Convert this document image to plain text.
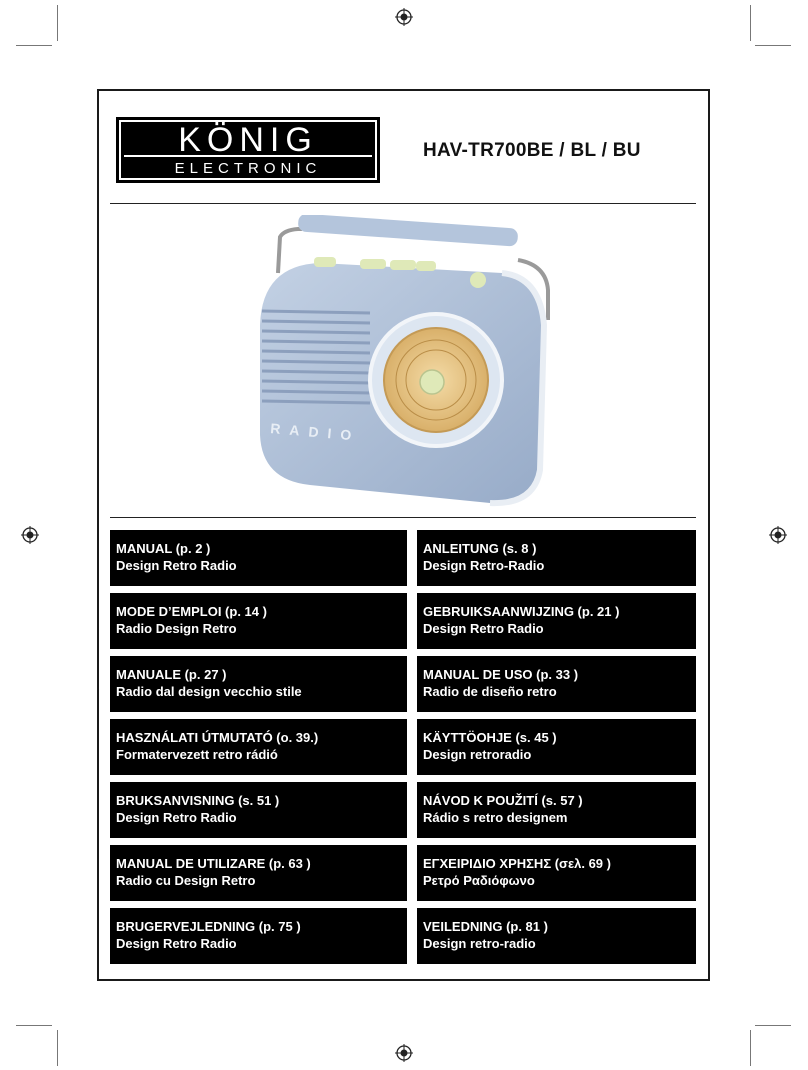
KÖNIG
ELECTRONIC
HAV-TR700BE / BL / BU
RADIO
MANUAL (p. 2 )
Design Retro Radio
ANLEITUNG (s. 8 )
Design Retro-Radio
MODE D’EMPLOI (p. 14 )
Radio Design Retro
GEBRUIKSAANWIJZING (p. 21 )
Design Retro Radio
MANUALE (p. 27 )
Radio dal design vecchio stile
MANUAL DE USO (p. 33 )
Radio de diseño retro
HASZNÁLATI ÚTMUTATÓ (o. 39.)
Formatervezett retro rádió
KÄYTTÖOHJE (s. 45 )
Design retroradio
BRUKSANVISNING (s. 51 )
Design Retro Radio
NÁVOD K POUŽITÍ (s. 57 )
Rádio s retro designem
MANUAL DE UTILIZARE (p. 63 )
Radio cu Design Retro
ΕΓΧΕΙΡΙΔΙΟ ΧΡΗΣΗΣ (σελ. 69 )
Ρετρό Ραδιόφωνο
BRUGERVEJLEDNING (p. 75 )
Design Retro Radio
VEILEDNING (p. 81 )
Design retro-radio
